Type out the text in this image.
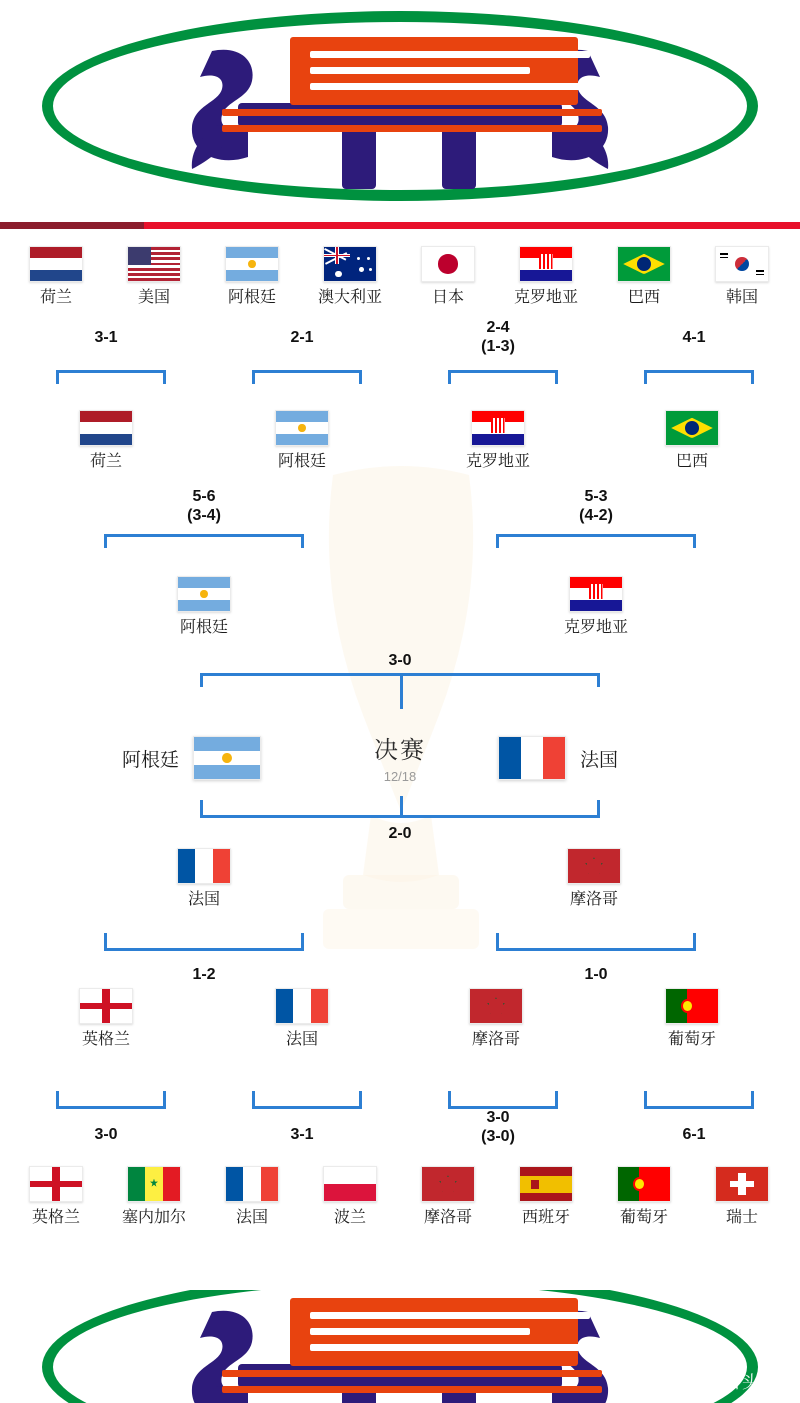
荷兰	美国	阿根廷	澳大利亚	日本	克罗地亚	巴西	韩国
3-1	2-1
2-4
(1-3)
4-1
荷兰	阿根廷	克罗地亚	巴西
5-6
(3-4)
5-3
(4-2)
阿根廷	克罗地亚
3-0
决赛
12/18
阿根廷	法国
2-0
法国	摩洛哥
1-2	1-0
英格兰	法国	摩洛哥	葡萄牙
3-0	3-1
3-0
(3-0)	6-1
英格兰	塞内加尔	法国	波兰	摩洛哥	西班牙	葡萄牙	瑞士
@今日头条
